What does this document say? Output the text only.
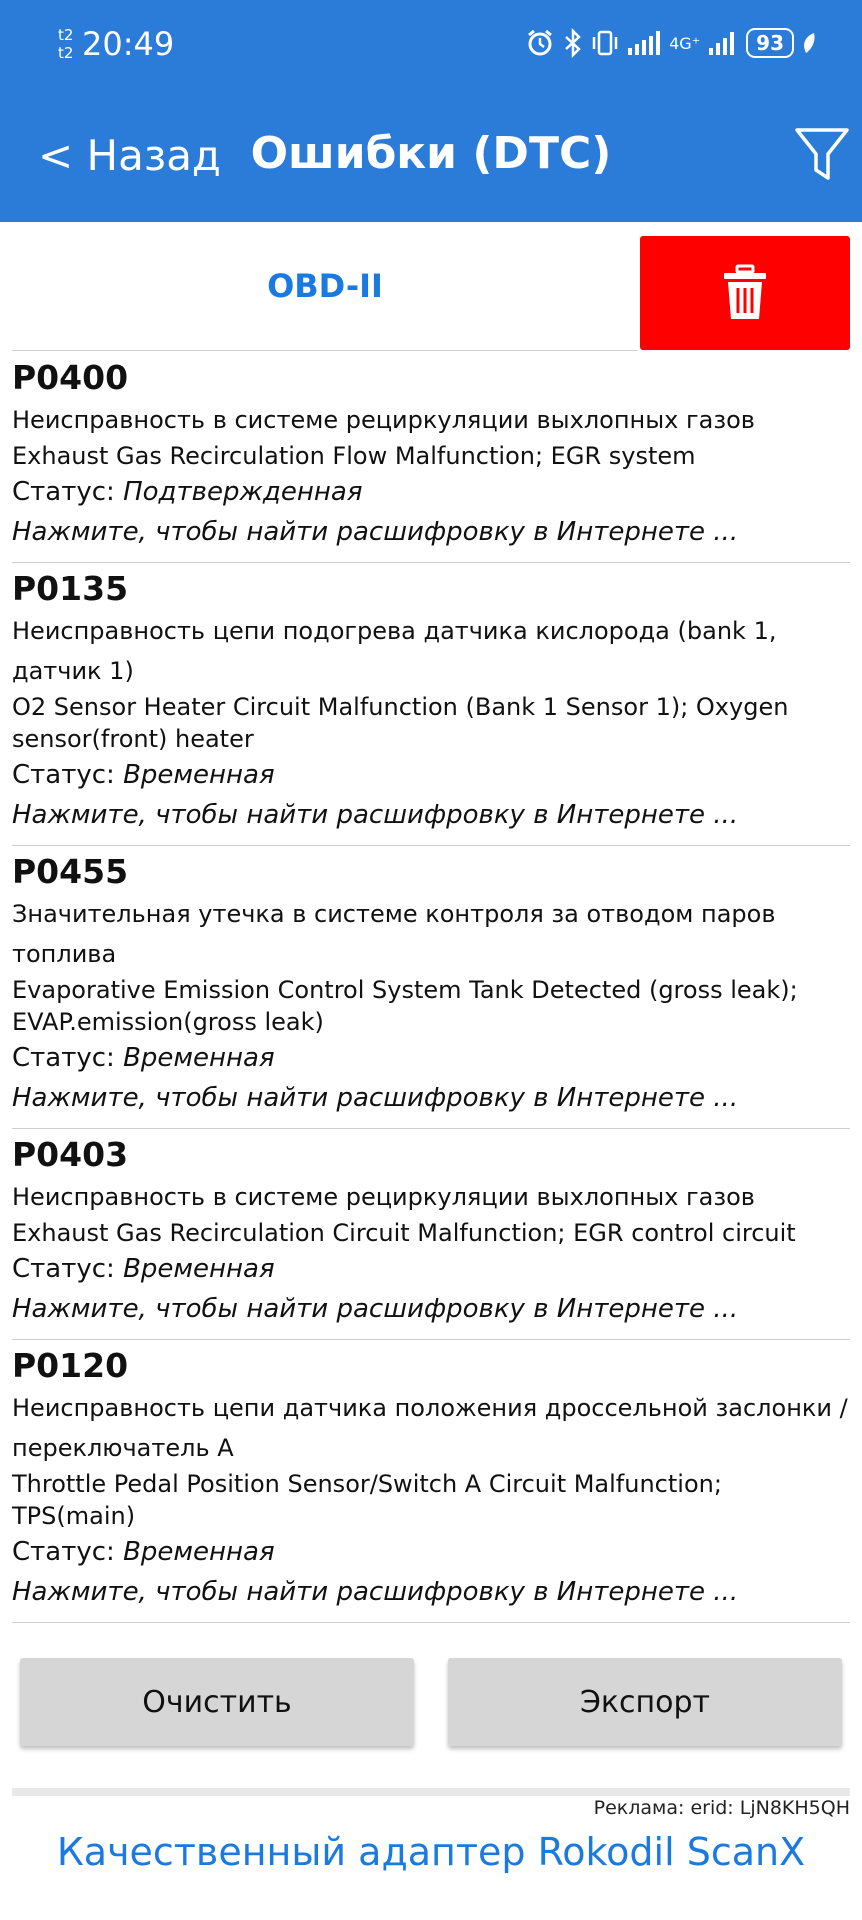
t2
t2 20:49	4G⁺	93
< Назад Ошибки (DTC)
OBD-II
P0400
Неисправность в системе рециркуляции выхлопных газов
Exhaust Gas Recirculation Flow Malfunction; EGR system
Статус: Подтвержденная
Нажмите, чтобы найти расшифровку в Интернете ...
P0135
Неисправность цепи подогрева датчика кислорода (bank 1, датчик 1)
O2 Sensor Heater Circuit Malfunction (Bank 1 Sensor 1); Oxygen sensor(front) heater
Статус: Временная
Нажмите, чтобы найти расшифровку в Интернете ...
P0455
Значительная утечка в системе контроля за отводом паров топлива
Evaporative Emission Control System Tank Detected (gross leak); EVAP.emission(gross leak)
Статус: Временная
Нажмите, чтобы найти расшифровку в Интернете ...
P0403
Неисправность в системе рециркуляции выхлопных газов
Exhaust Gas Recirculation Circuit Malfunction; EGR control circuit
Статус: Временная
Нажмите, чтобы найти расшифровку в Интернете ...
P0120
Неисправность цепи датчика положения дроссельной заслонки / переключатель А
Throttle Pedal Position Sensor/Switch A Circuit Malfunction; TPS(main)
Статус: Временная
Нажмите, чтобы найти расшифровку в Интернете ...
Очистить	Экспорт
Реклама: erid: LjN8KH5QH
Качественный адаптер Rokodil ScanX
